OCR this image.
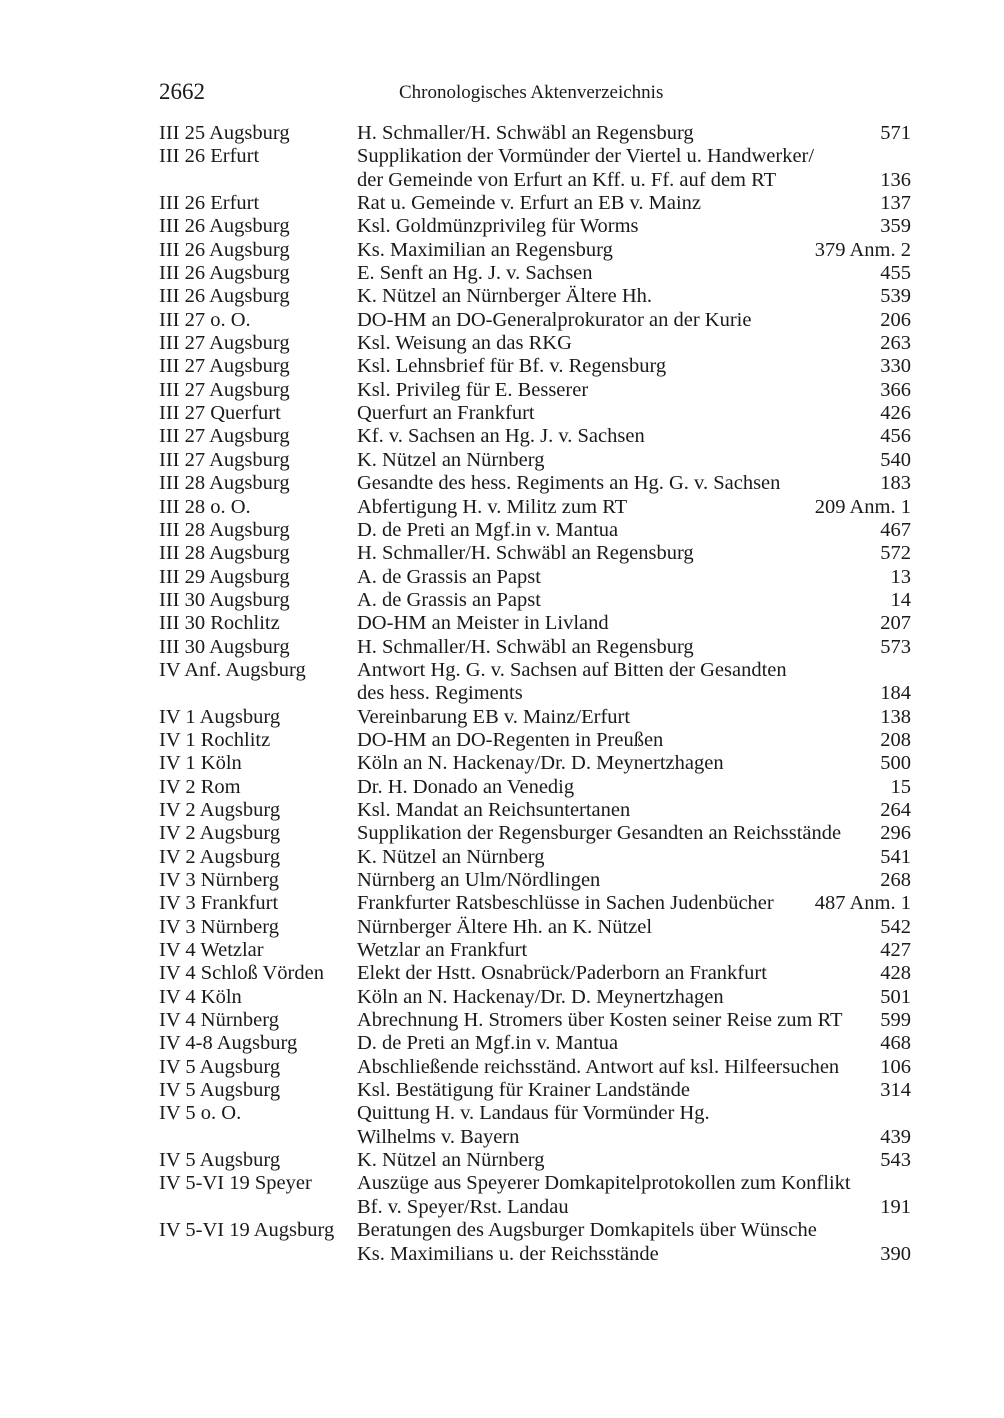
2662	Chronologisches Aktenverzeichnis
III 25 Augsburg	H. Schmaller/H. Schwäbl an Regensburg	571
III 26 Erfurt	Supplikation der Vormünder der Viertel u. Handwerker/
der Gemeinde von Erfurt an Kff. u. Ff. auf dem RT	136
III 26 Erfurt	Rat u. Gemeinde v. Erfurt an EB v. Mainz	137
III 26 Augsburg	Ksl. Goldmünzprivileg für Worms	359
III 26 Augsburg	Ks. Maximilian an Regensburg	379 Anm. 2
III 26 Augsburg	E. Senft an Hg. J. v. Sachsen	455
III 26 Augsburg	K. Nützel an Nürnberger Ältere Hh.	539
III 27 o. O.	DO-HM an DO-Generalprokurator an der Kurie	206
III 27 Augsburg	Ksl. Weisung an das RKG	263
III 27 Augsburg	Ksl. Lehnsbrief für Bf. v. Regensburg	330
III 27 Augsburg	Ksl. Privileg für E. Besserer	366
III 27 Querfurt	Querfurt an Frankfurt	426
III 27 Augsburg	Kf. v. Sachsen an Hg. J. v. Sachsen	456
III 27 Augsburg	K. Nützel an Nürnberg	540
III 28 Augsburg	Gesandte des hess. Regiments an Hg. G. v. Sachsen	183
III 28 o. O.	Abfertigung H. v. Militz zum RT	209 Anm. 1
III 28 Augsburg	D. de Preti an Mgf.in v. Mantua	467
III 28 Augsburg	H. Schmaller/H. Schwäbl an Regensburg	572
III 29 Augsburg	A. de Grassis an Papst	13
III 30 Augsburg	A. de Grassis an Papst	14
III 30 Rochlitz	DO-HM an Meister in Livland	207
III 30 Augsburg	H. Schmaller/H. Schwäbl an Regensburg	573
IV Anf. Augsburg	Antwort Hg. G. v. Sachsen auf Bitten der Gesandten
des hess. Regiments	184
IV 1 Augsburg	Vereinbarung EB v. Mainz/Erfurt	138
IV 1 Rochlitz	DO-HM an DO-Regenten in Preußen	208
IV 1 Köln	Köln an N. Hackenay/Dr. D. Meynertzhagen	500
IV 2 Rom	Dr. H. Donado an Venedig	15
IV 2 Augsburg	Ksl. Mandat an Reichsuntertanen	264
IV 2 Augsburg	Supplikation der Regensburger Gesandten an Reichsstände	296
IV 2 Augsburg	K. Nützel an Nürnberg	541
IV 3 Nürnberg	Nürnberg an Ulm/Nördlingen	268
IV 3 Frankfurt	Frankfurter Ratsbeschlüsse in Sachen Judenbücher	487 Anm. 1
IV 3 Nürnberg	Nürnberger Ältere Hh. an K. Nützel	542
IV 4 Wetzlar	Wetzlar an Frankfurt	427
IV 4 Schloß Vörden	Elekt der Hstt. Osnabrück/Paderborn an Frankfurt	428
IV 4 Köln	Köln an N. Hackenay/Dr. D. Meynertzhagen	501
IV 4 Nürnberg	Abrechnung H. Stromers über Kosten seiner Reise zum RT	599
IV 4-8 Augsburg	D. de Preti an Mgf.in v. Mantua	468
IV 5 Augsburg	Abschließende reichsständ. Antwort auf ksl. Hilfeersuchen	106
IV 5 Augsburg	Ksl. Bestätigung für Krainer Landstände	314
IV 5 o. O.	Quittung H. v. Landaus für Vormünder Hg.
Wilhelms v. Bayern	439
IV 5 Augsburg	K. Nützel an Nürnberg	543
IV 5-VI 19 Speyer	Auszüge aus Speyerer Domkapitelprotokollen zum Konflikt
Bf. v. Speyer/Rst. Landau	191
IV 5-VI 19 Augsburg	Beratungen des Augsburger Domkapitels über Wünsche
Ks. Maximilians u. der Reichsstände	390
